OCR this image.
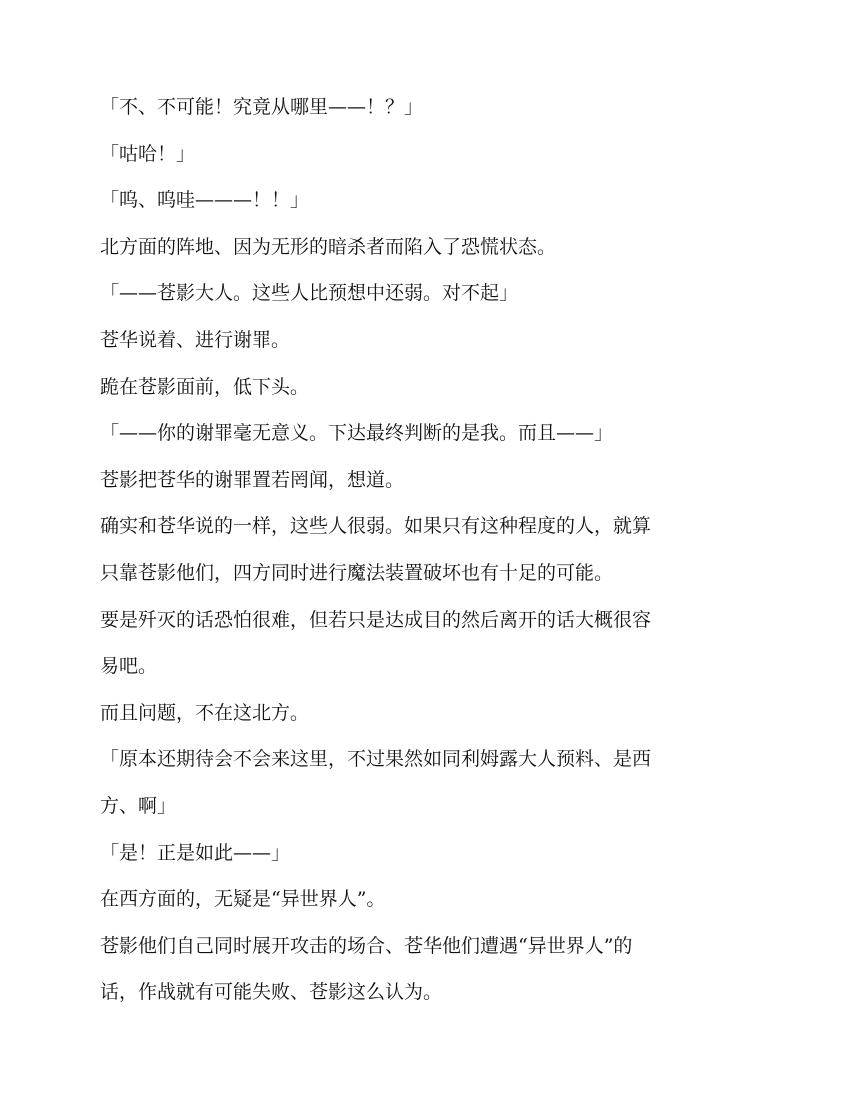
「不、不可能！究竟从哪里——！？」
「咕哈！」
「呜、呜哇———！！」
北方面的阵地、因为无形的暗杀者而陷入了恐慌状态。
「——苍影大人。这些人比预想中还弱。对不起」
苍华说着、进行谢罪。
跪在苍影面前，低下头。
「——你的谢罪毫无意义。下达最终判断的是我。而且——」
苍影把苍华的谢罪置若罔闻，想道。
确实和苍华说的一样，这些人很弱。如果只有这种程度的人，就算
只靠苍影他们，四方同时进行魔法装置破坏也有十足的可能。
要是歼灭的话恐怕很难，但若只是达成目的然后离开的话大概很容
易吧。
而且问题，不在这北方。
「原本还期待会不会来这里，不过果然如同利姆露大人预料、是西
方、啊」
「是！正是如此——」
在西方面的，无疑是“异世界人”。
苍影他们自己同时展开攻击的场合、苍华他们遭遇“异世界人”的
话，作战就有可能失败、苍影这么认为。
